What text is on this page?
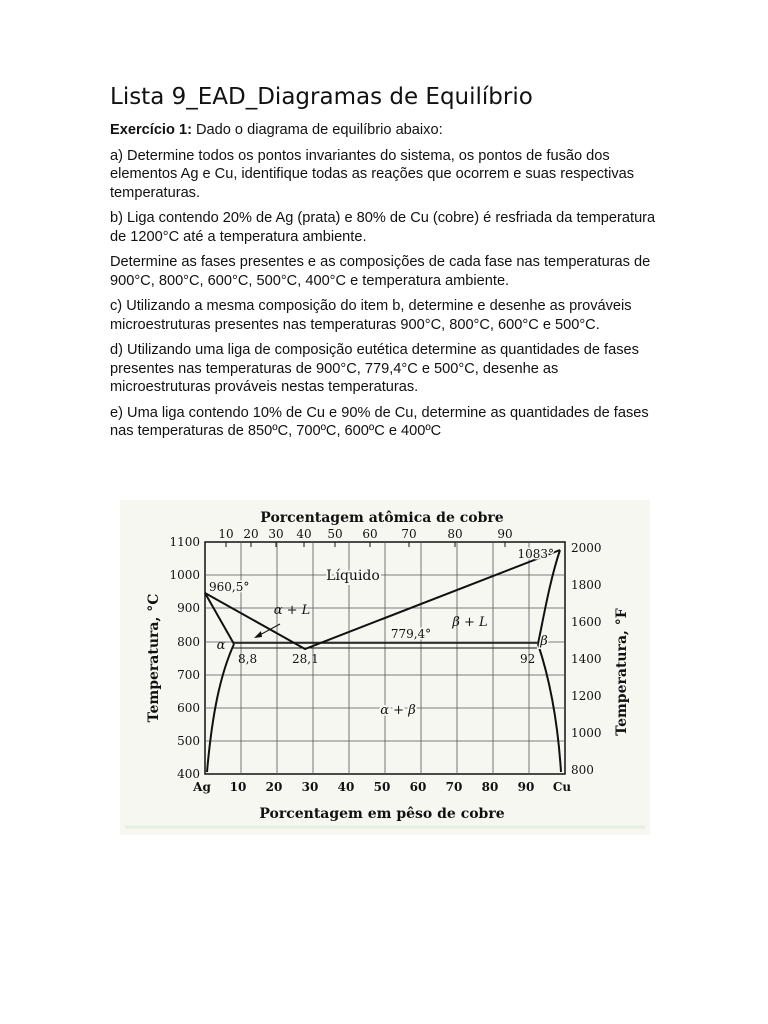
Lista 9_EAD_Diagramas de Equilíbrio

Exercício 1: Dado o diagrama de equilíbrio abaixo:

a) Determine todos os pontos invariantes do sistema, os pontos de fusão dos elementos Ag e Cu, identifique todas as reações que ocorrem e suas respectivas temperaturas.

b) Liga contendo 20% de Ag (prata) e 80% de Cu (cobre) é resfriada da temperatura de 1200°C até a temperatura ambiente.

Determine as fases presentes e as composições de cada fase nas temperaturas de 900°C, 800°C, 600°C, 500°C, 400°C e temperatura ambiente.

c) Utilizando a mesma composição do item b, determine e desenhe as prováveis microestruturas presentes nas temperaturas 900°C, 800°C, 600°C e 500°C.

d) Utilizando uma liga de composição eutética determine as quantidades de fases presentes nas temperaturas de 900°C, 779,4°C e 500°C, desenhe as microestruturas prováveis nestas temperaturas.

e) Uma liga contendo 10% de Cu e 90% de Cu, determine as quantidades de fases nas temperaturas de 850ºC, 700ºC, 600ºC e 400ºC

Porcentagem atômica de cobre
Porcentagem em pêso de cobre
Temperatura, °C	Temperatura, °F
10 20 30 40 50 60 70	80	90
Ag 10 20 30 40 50 60 70 80 90 Cu
1100
1000
900
800
700
600
500
400
2000
1800
1600
1400
1200
1000
800
Líquido
α + L
β + L
α	β
α + β
960,5°
1083°
779,4°
8,8	28,1	92
